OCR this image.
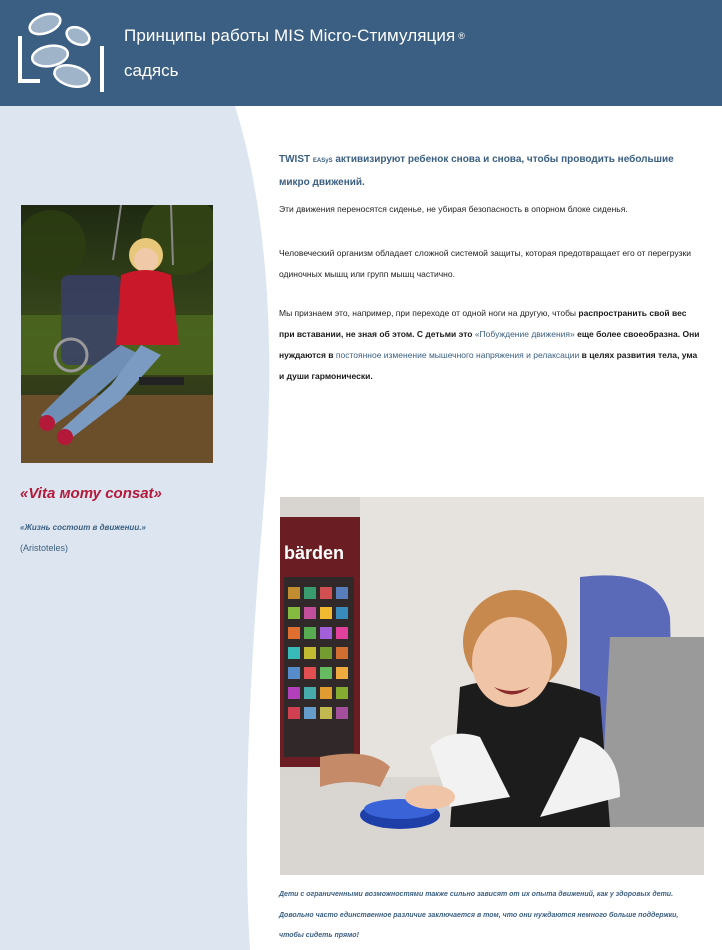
Принципы работы MIS Micro-Стимуляция ®
садясь
«Vita моту consat»
«Жизнь состоит в движении.»
(Aristoteles)
TWIST EASyS активизируют ребенок снова и снова, чтобы проводить небольшие микро движений.
Эти движения переносятся сиденье, не убирая безопасность в опорном блоке сиденья.
Человеческий организм обладает сложной системой защиты, которая предотвращает его от перегрузки одиночных мышц или групп мышц частично.
Мы признаем это, например, при переходе от одной ноги на другую, чтобы распространить свой вес при вставании, не зная об этом. С детьми это «Побуждение движения» еще более своеобразна. Они нуждаются в постоянное изменение мышечного напряжения и релаксации в целях развития тела, ума и души гармонически.
bärden
Дети с ограниченными возможностями также сильно зависят от их опыта движений, как у здоровых дети. Довольно часто единственное различие заключается в том, что они нуждаются немного больше поддержки, чтобы сидеть прямо!
